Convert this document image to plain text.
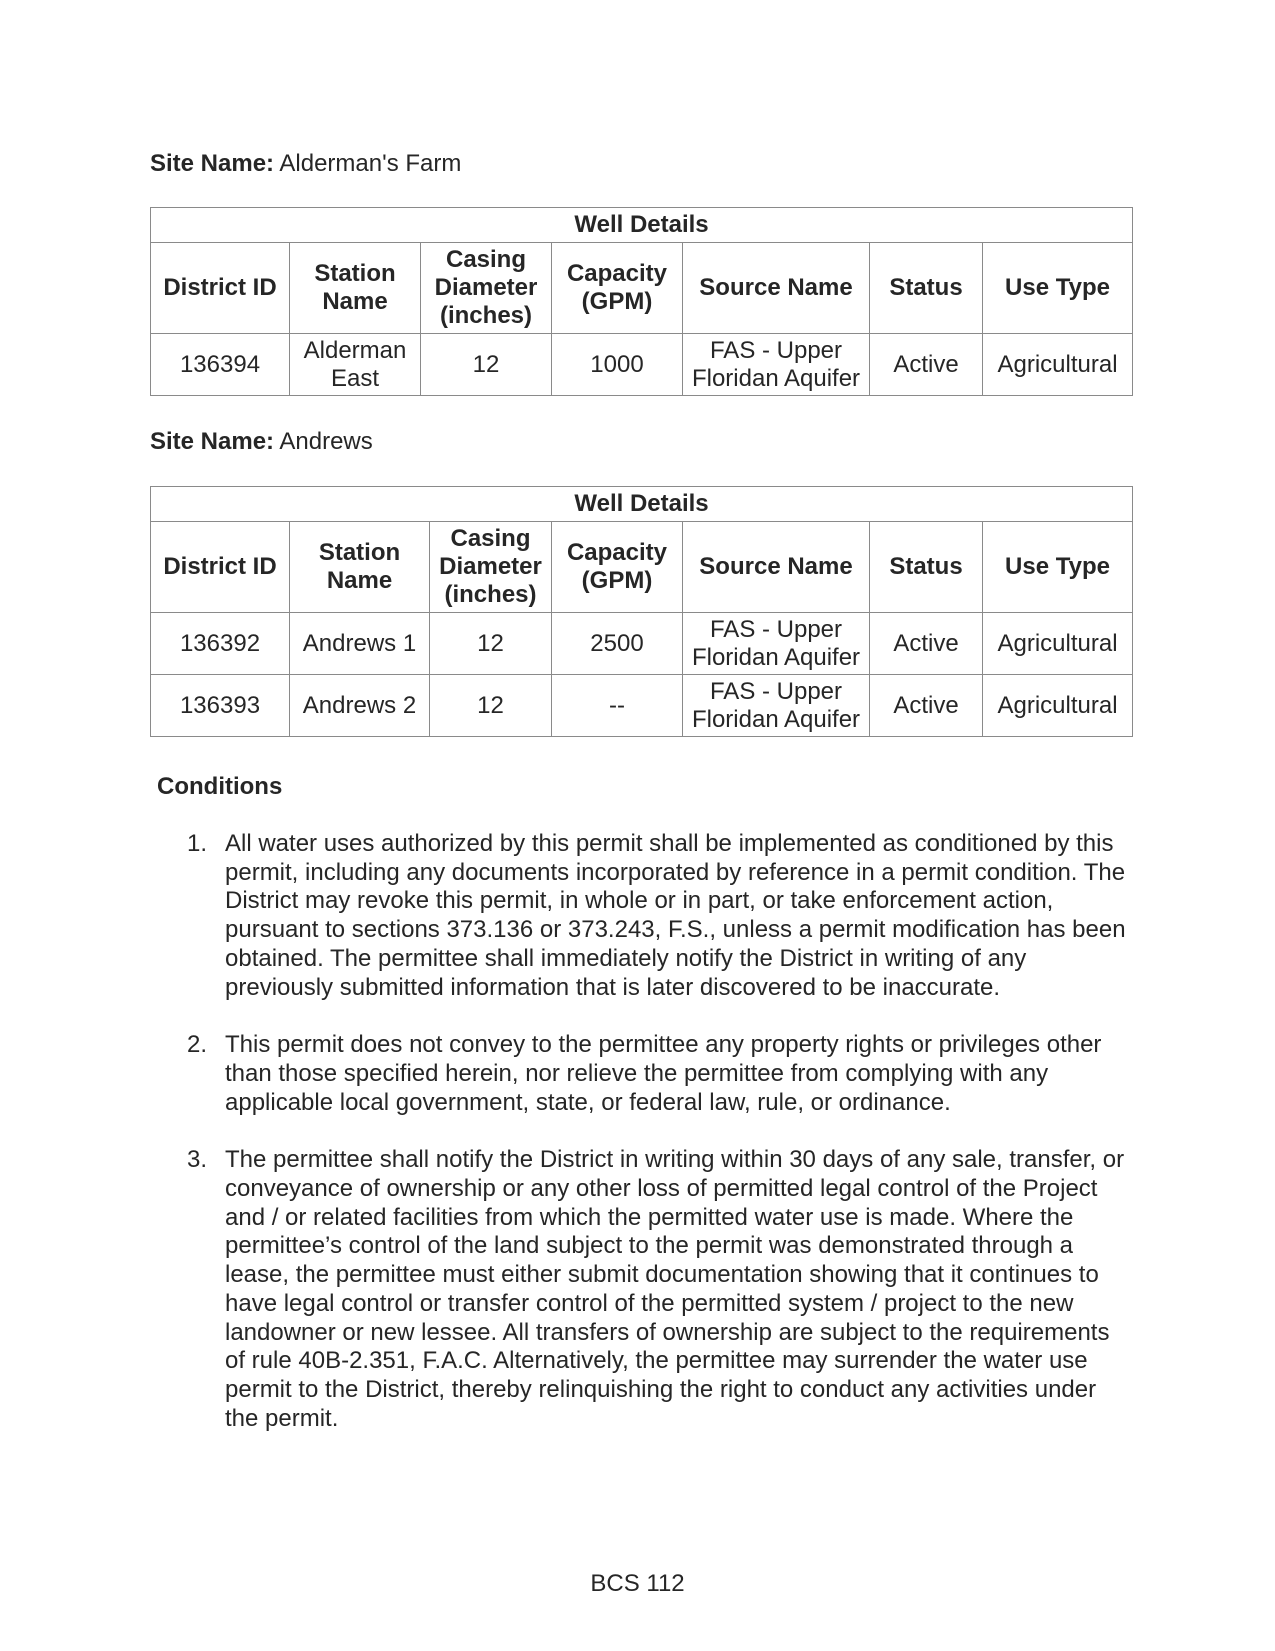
Site Name: Alderman's Farm
Well Details						
District ID	Station Name	Casing Diameter (inches)	Capacity (GPM)	Source Name	Status	Use Type
136394	Alderman East	12	1000	FAS - Upper Floridan Aquifer	Active	Agricultural
Site Name: Andrews
Well Details						
District ID	Station Name	Casing Diameter (inches)	Capacity (GPM)	Source Name	Status	Use Type
136392	Andrews 1	12	2500	FAS - Upper Floridan Aquifer	Active	Agricultural
136393	Andrews 2	12	--	FAS - Upper Floridan Aquifer	Active	Agricultural
Conditions
1. All water uses authorized by this permit shall be implemented as conditioned by this permit, including any documents incorporated by reference in a permit condition. The District may revoke this permit, in whole or in part, or take enforcement action, pursuant to sections 373.136 or 373.243, F.S., unless a permit modification has been obtained. The permittee shall immediately notify the District in writing of any previously submitted information that is later discovered to be inaccurate.
2. This permit does not convey to the permittee any property rights or privileges other than those specified herein, nor relieve the permittee from complying with any applicable local government, state, or federal law, rule, or ordinance.
3. The permittee shall notify the District in writing within 30 days of any sale, transfer, or conveyance of ownership or any other loss of permitted legal control of the Project and / or related facilities from which the permitted water use is made. Where the permittee’s control of the land subject to the permit was demonstrated through a lease, the permittee must either submit documentation showing that it continues to have legal control or transfer control of the permitted system / project to the new landowner or new lessee. All transfers of ownership are subject to the requirements of rule 40B-2.351, F.A.C. Alternatively, the permittee may surrender the water use permit to the District, thereby relinquishing the right to conduct any activities under the permit.
BCS 112
